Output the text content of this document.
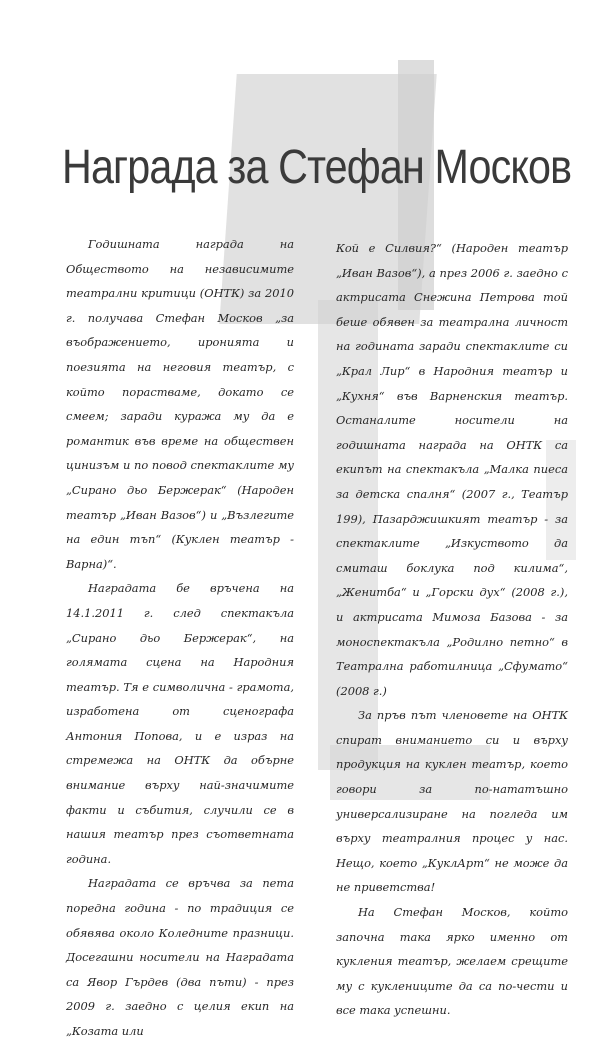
Награда за Стефан Москов

Годишната награда на Обществото на независимите театрални критици (ОНТК) за 2010 г. получава Стефан Москов „за въображението, иронията и поезията на неговия театър, с който порастваме, докато се смеем; заради куража му да е романтик във време на обществен цинизъм и по повод спектаклите му „Сирано дьо Бержерак“ (Народен театър „Иван Вазов“) и „Възлегите на един тъп“ (Куклен театър - Варна)“.

Наградата бе връчена на 14.1.2011 г. след спектакъла „Сирано дьо Бержерак“, на голямата сцена на Народния театър. Тя е символична - грамота, изработена от сценографа Антония Попова, и е израз на стремежа на ОНТК да обърне внимание върху най-значимите факти и събития, случили се в нашия театър през съответната година.

Наградата се връчва за пета поредна година - по традиция се обявява около Коледните празници. Досегашни носители на Наградата са Явор Гърдев (два пъти) - през 2009 г. заедно с целия екип на „Козата или

Кой е Силвия?“ (Народен театър „Иван Вазов“), а през 2006 г. заедно с актрисата Снежина Петрова той беше обявен за театрална личност на годината заради спектаклите си „Крал Лир“ в Народния театър и „Кухня“ във Варненския театър. Останалите носители на годишната награда на ОНТК са екипът на спектакъла „Малка пиеса за детска спалня“ (2007 г., Театър 199), Пазарджишкият театър - за спектаклите „Изкуството да смиташ боклука под килима“, „Женитба“ и „Горски дух“ (2008 г.), и актрисата Мимоза Базова - за моноспектакъла „Родилно петно“ в Театрална работилница „Сфумато“ (2008 г.)

За пръв път членовете на ОНТК спират вниманието си и върху продукция на куклен театър, което говори за по-нататъшно универсализиране на погледа им върху театралния процес у нас. Нещо, което „КуклАрт“ не може да не приветства!

На Стефан Москов, който започна така ярко именно от кукления театър, желаем срещите му с куклениците да са по-чести и все така успешни.
